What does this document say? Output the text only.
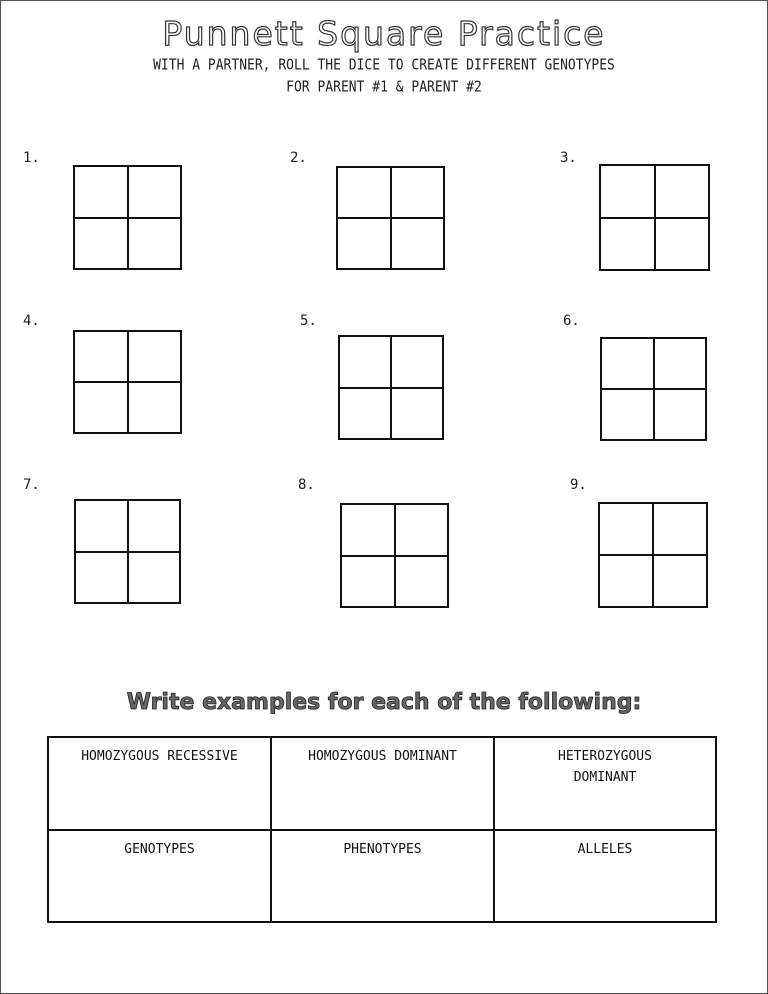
Punnett Square Practice
WITH A PARTNER, ROLL THE DICE TO CREATE DIFFERENT GENOTYPES
FOR PARENT #1 & PARENT #2
1.	2.	3.
4.	5.	6.
7.	8.	9.
Write examples for each of the following:
HOMOZYGOUS RECESSIVE	HOMOZYGOUS DOMINANT	HETEROZYGOUS DOMINANT
GENOTYPES	PHENOTYPES	ALLELES
